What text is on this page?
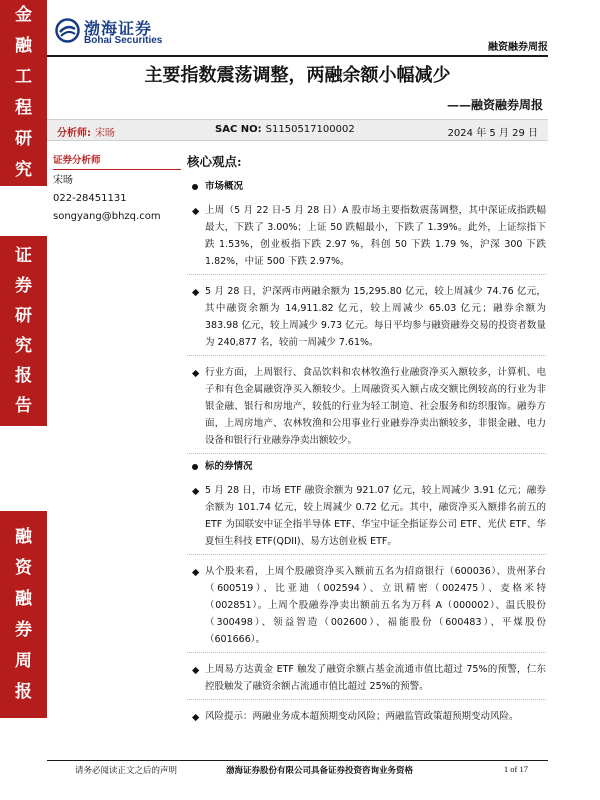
金
融
工
程
研
究
证
券
研
究
报
告
融
资
融
券
周
报
渤海证券
Bohai Securities
融资融券周报
主要指数震荡调整，两融余额小幅减少
——融资融券周报
分析师: 宋旸	SAC NO: S1150517100002	2024 年 5 月 29 日
证券分析师
宋旸
022-28451131
songyang@bhzq.com
核心观点:
市场概况
◆ 上周（5 月 22 日-5 月 28 日）A 股市场主要指数震荡调整，其中深证成指跌幅最大，下跌了 3.00%；上证 50 跌幅最小，下跌了 1.39%。此外，上证综指下跌 1.53%，创业板指下跌 2.97 %，科创 50 下跌 1.79 %，沪深 300 下跌 1.82%，中证 500 下跌 2.97%。
◆ 5 月 28 日，沪深两市两融余额为 15,295.80 亿元，较上周减少 74.76 亿元，其中融资余额为 14,911.82 亿元，较上周减少 65.03 亿元；融券余额为 383.98 亿元，较上周减少 9.73 亿元。每日平均参与融资融券交易的投资者数量为 240,877 名，较前一周减少 7.61%。
◆ 行业方面，上周银行、食品饮料和农林牧渔行业融资净买入额较多，计算机、电子和有色金属融资净买入额较少。上周融资买入额占成交额比例较高的行业为非银金融、银行和房地产，较低的行业为轻工制造、社会服务和纺织服饰。融券方面，上周房地产、农林牧渔和公用事业行业融券净卖出额较多，非银金融、电力设备和银行行业融券净卖出额较少。
标的券情况
◆ 5 月 28 日，市场 ETF 融资余额为 921.07 亿元，较上周减少 3.91 亿元；融券余额为 101.74 亿元，较上周减少 0.72 亿元。其中，融资净买入额排名前五的 ETF 为国联安中证全指半导体 ETF、华宝中证全指证券公司 ETF、光伏 ETF、华夏恒生科技 ETF(QDII)、易方达创业板 ETF。
◆ 从个股来看，上周个股融资净买入额前五名为招商银行（600036）、贵州茅台（600519）、比亚迪（002594）、立讯精密（002475）、麦格米特（002851）。上周个股融券净卖出额前五名为万科 A（000002）、温氏股份（300498）、领益智造（002600）、福能股份（600483）、平煤股份（601666）。
◆ 上周易方达黄金 ETF 触发了融资余额占基金流通市值比超过 75%的预警，仁东控股触发了融资余额占流通市值比超过 25%的预警。
◆ 风险提示：两融业务成本超预期变动风险；两融监管政策超预期变动风险。
请务必阅读正文之后的声明	渤海证券股份有限公司具备证券投资咨询业务资格	1 of 17
